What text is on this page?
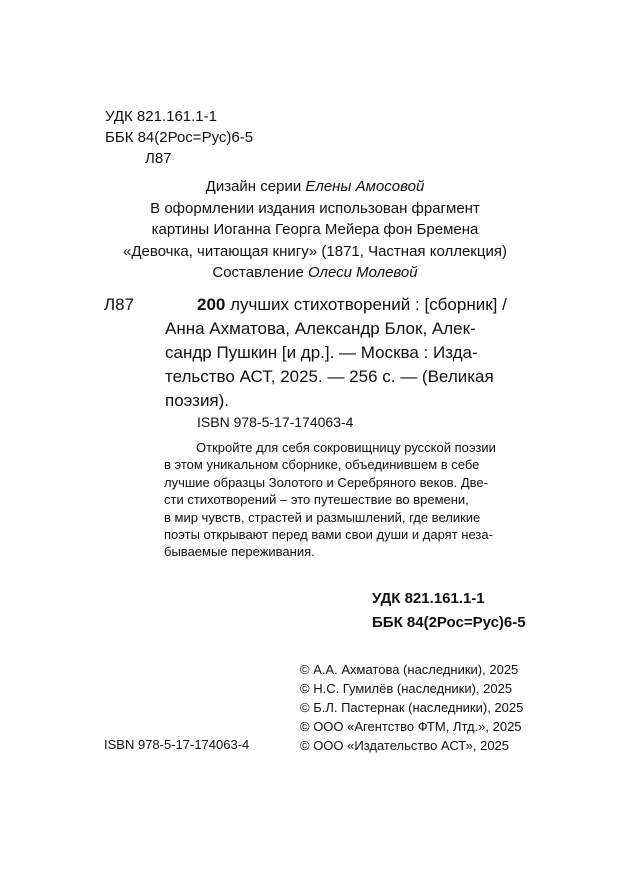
УДК 821.161.1-1
ББК 84(2Рос=Рус)6-5
Л87
Дизайн серии Елены Амосовой
В оформлении издания использован фрагмент
картины Иоганна Георга Мейера фон Бремена
«Девочка, читающая книгу» (1871, Частная коллекция)
Составление Олеси Молевой
Л87	200 лучших стихотворений : [сборник] /
Анна Ахматова, Александр Блок, Алек-
сандр Пушкин [и др.]. — Москва : Изда-
тельство АСТ, 2025. — 256 с. — (Великая
поэзия).
ISBN 978-5-17-174063-4
Откройте для себя сокровищницу русской поэзии
в этом уникальном сборнике, объединившем в себе
лучшие образцы Золотого и Серебряного веков. Две-
сти стихотворений – это путешествие во времени,
в мир чувств, страстей и размышлений, где великие
поэты открывают перед вами свои души и дарят неза-
бываемые переживания.
УДК 821.161.1-1
ББК 84(2Рос=Рус)6-5
© А.А. Ахматова (наследники), 2025
© Н.С. Гумилёв (наследники), 2025
© Б.Л. Пастернак (наследники), 2025
© ООО «Агентство ФТМ, Лтд.», 2025
© ООО «Издательство АСТ», 2025
ISBN 978-5-17-174063-4
